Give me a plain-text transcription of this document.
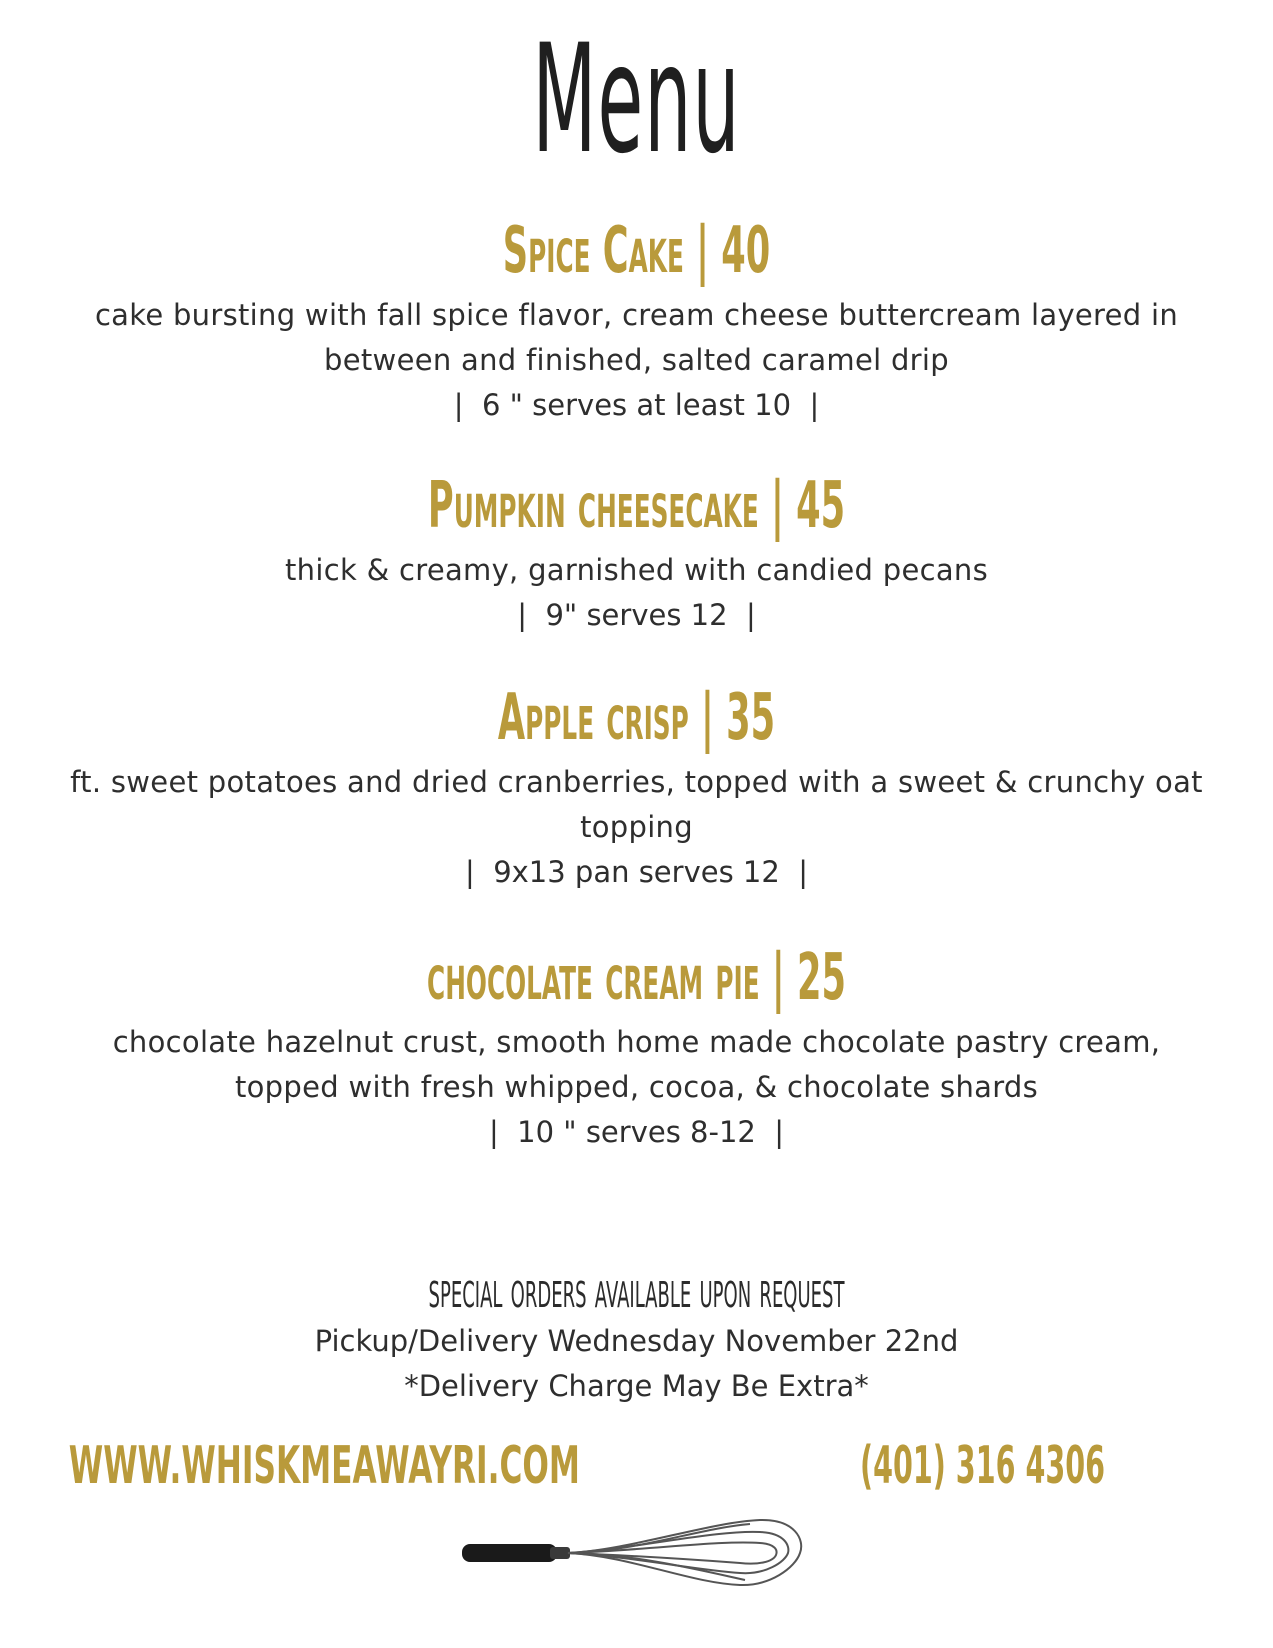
Menu
Spice Cake | 40
cake bursting with fall spice flavor, cream cheese buttercream layered in between and finished, salted caramel drip
|  6 " serves at least 10  |
Pumpkin cheesecake | 45
thick & creamy, garnished with candied pecans
|  9" serves 12  |
Apple crisp | 35
ft. sweet potatoes and dried cranberries, topped with a sweet & crunchy oat topping
|  9x13 pan serves 12  |
chocolate cream pie | 25
chocolate hazelnut crust, smooth home made chocolate pastry cream, topped with fresh whipped, cocoa, & chocolate shards
|  10 " serves 8-12  |
special orders available upon request
Pickup/Delivery Wednesday November 22nd
*Delivery Charge May Be Extra*
WWW.WHISKMEAWAYRI.COM	(401) 316 4306
